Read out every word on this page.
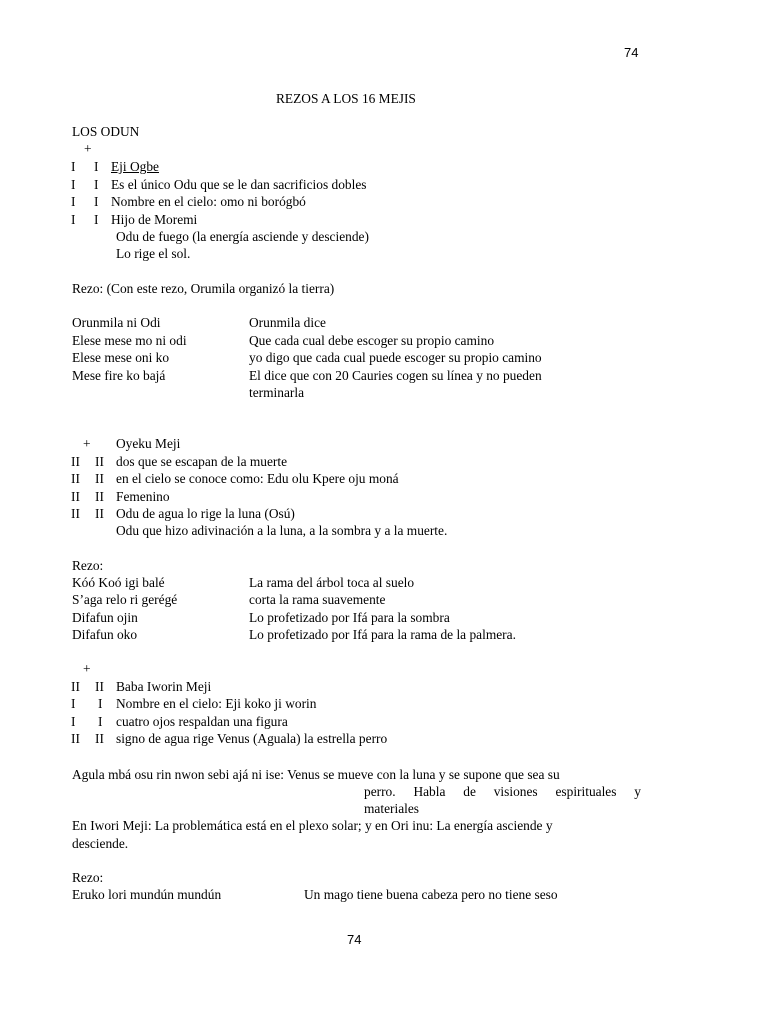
74
REZOS A LOS 16 MEJIS
LOS ODUN
+
I I Eji Ogbe
I I Es el único Odu que se le dan sacrificios dobles
I I Nombre en el cielo: omo ni borógbó
I I Hijo de Moremi
Odu de fuego (la energía asciende y desciende)
Lo rige el sol.
Rezo: (Con este rezo, Orumila organizó la tierra)
Orunmila ni Odi	Orunmila dice
Elese mese mo ni odi	Que cada cual debe escoger su propio camino
Elese mese oni ko	yo digo que cada cual puede escoger su propio camino
Mese fire ko bajá	El dice que con 20 Cauries cogen su línea y no pueden
terminarla
+ Oyeku Meji
II II dos que se escapan de la muerte
II II en el cielo se conoce como: Edu olu Kpere oju moná
II II Femenino
II II Odu de agua lo rige la luna (Osú)
Odu que hizo adivinación a la luna, a la sombra y a la muerte.
Rezo:
Kóó Koó igi balé	La rama del árbol toca al suelo
S’aga relo ri gerégé	corta la rama suavemente
Difafun ojin	Lo profetizado por Ifá para la sombra
Difafun oko	Lo profetizado por Ifá para la rama de la palmera.
+
II II Baba Iworin Meji
I I Nombre en el cielo: Eji koko ji worin
I I cuatro ojos respaldan una figura
II II signo de agua rige Venus (Aguala) la estrella perro
Agula mbá osu rin nwon sebi ajá ni ise: Venus se mueve con la luna y se supone que sea su
perro. Habla de visiones espirituales y
materiales
En Iwori Meji: La problemática está en el plexo solar; y en Ori inu: La energía asciende y
desciende.
Rezo:
Eruko lori mundún mundún	Un mago tiene buena cabeza pero no tiene seso
74
